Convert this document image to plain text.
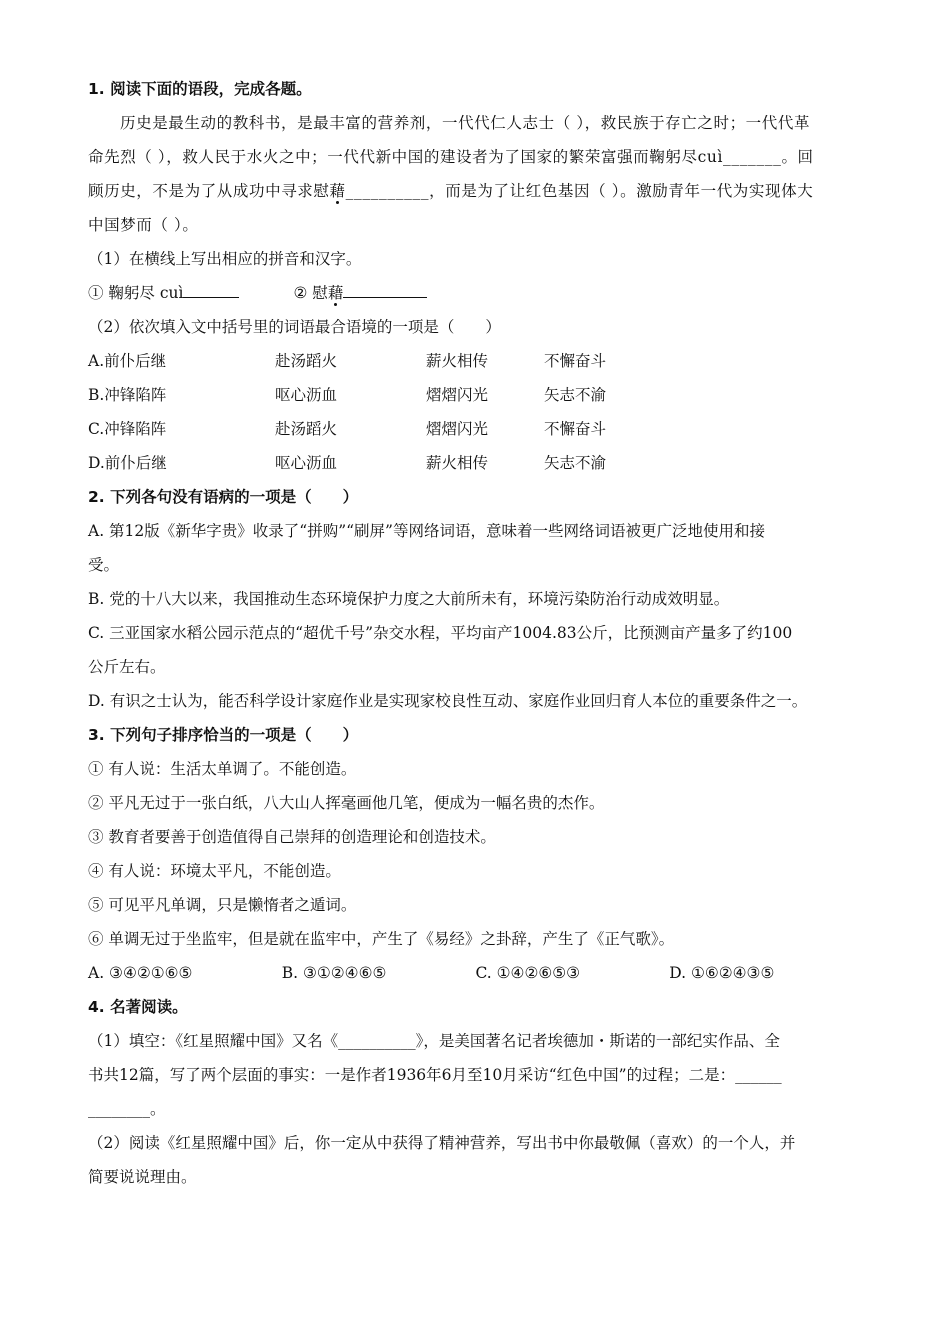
1. 阅读下面的语段，完成各题。
历史是最生动的教科书，是最丰富的营养剂，一代代仁人志士（ ），救民族于存亡之时；一代代革
命先烈（ ），救人民于水火之中；一代代新中国的建设者为了国家的繁荣富强而鞠躬尽cuì_______。回
顾历史，不是为了从成功中寻求慰藉__________，而是为了让红色基因（ ）。激励青年一代为实现体大
中国梦而（ ）。
（1）在横线上写出相应的拼音和汉字。
① 鞠躬尽 cuì	② 慰藉
（2）依次填入文中括号里的词语最合语境的一项是（　　）
A.前仆后继	赴汤蹈火	薪火相传	不懈奋斗
B.冲锋陷阵	呕心沥血	熠熠闪光	矢志不渝
C.冲锋陷阵	赴汤蹈火	熠熠闪光	不懈奋斗
D.前仆后继	呕心沥血	薪火相传	矢志不渝
2. 下列各句没有语病的一项是（　　）
A. 第12版《新华字贵》收录了“拼购”“刷屏”等网络词语，意味着一些网络词语被更广泛地使用和接
受。
B. 党的十八大以来，我国推动生态环境保护力度之大前所未有，环境污染防治行动成效明显。
C. 三亚国家水稻公园示范点的“超优千号”杂交水程，平均亩产1004.83公斤，比预测亩产量多了约100
公斤左右。
D. 有识之士认为，能否科学设计家庭作业是实现家校良性互动、家庭作业回归育人本位的重要条件之一。
3. 下列句子排序恰当的一项是（　　）
① 有人说：生活太单调了。不能创造。
② 平凡无过于一张白纸，八大山人挥毫画他几笔，便成为一幅名贵的杰作。
③ 教育者要善于创造值得自己崇拜的创造理论和创造技术。
④ 有人说：环境太平凡，不能创造。
⑤ 可见平凡单调，只是懒惰者之遁词。
⑥ 单调无过于坐监牢，但是就在监牢中，产生了《易经》之卦辞，产生了《正气歌》。
A. ③④②①⑥⑤	B. ③①②④⑥⑤	C. ①④②⑥⑤③	D. ①⑥②④③⑤
4. 名著阅读。
（1）填空：《红星照耀中国》又名《__________》，是美国著名记者埃德加・斯诺的一部纪实作品、全
书共12篇，写了两个层面的事实：一是作者1936年6月至10月采访“红色中国”的过程；二是：______
________。
（2）阅读《红星照耀中国》后，你一定从中获得了精神营养，写出书中你最敬佩（喜欢）的一个人，并
简要说说理由。
